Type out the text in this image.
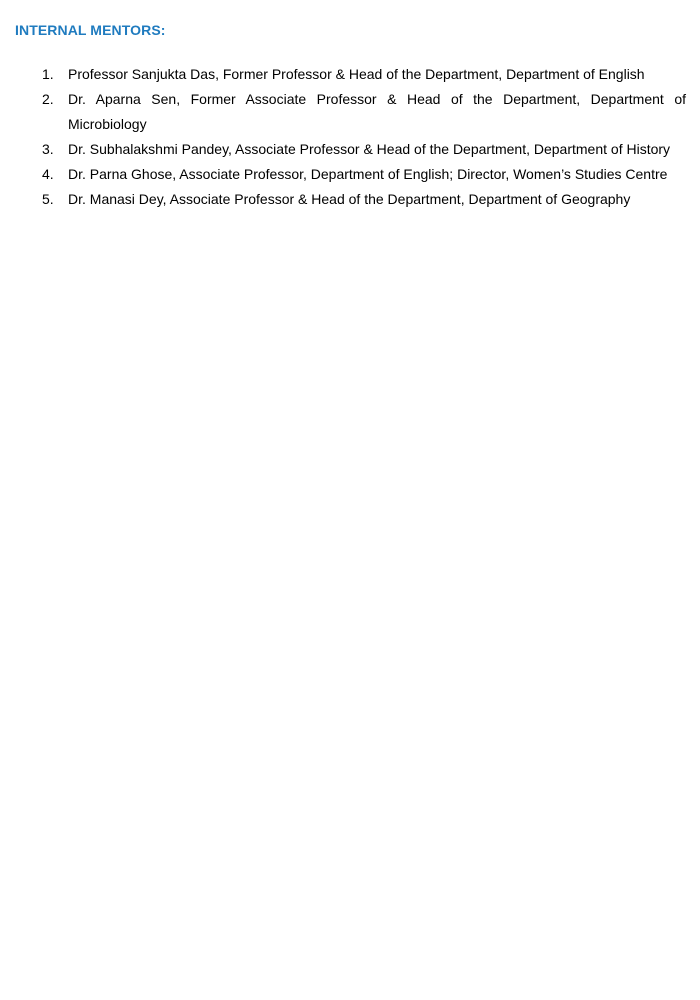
INTERNAL MENTORS:
1. Professor Sanjukta Das, Former Professor & Head of the Department, Department of English
2. Dr. Aparna Sen, Former Associate Professor & Head of the Department, Department of Microbiology
3. Dr. Subhalakshmi Pandey, Associate Professor & Head of the Department, Department of History
4. Dr. Parna Ghose, Associate Professor, Department of English; Director, Women’s Studies Centre
5. Dr. Manasi Dey, Associate Professor & Head of the Department, Department of Geography
